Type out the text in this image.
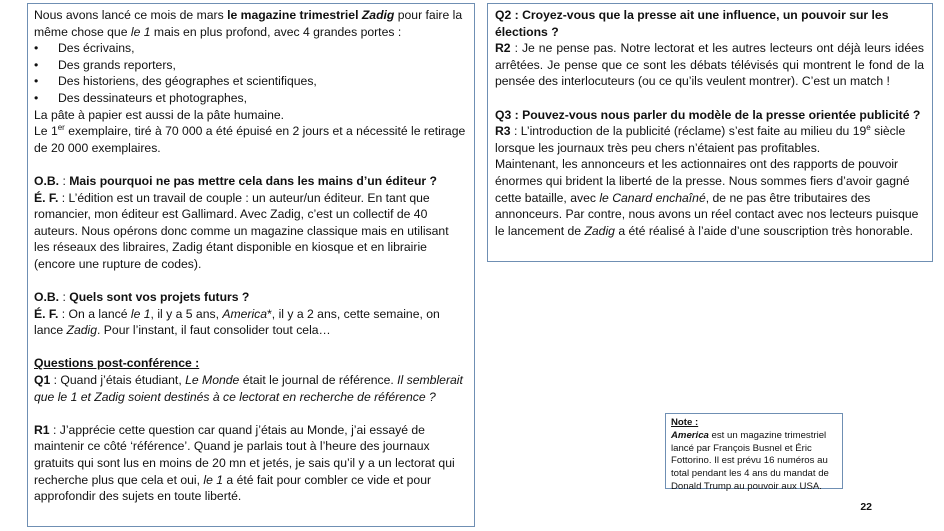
Nous avons lancé ce mois de mars le magazine trimestriel Zadig pour faire la même chose que le 1 mais en plus profond, avec 4 grandes portes :

• Des écrivains,
• Des grands reporters,
• Des historiens, des géographes et scientifiques,
• Des dessinateurs et photographes,

La pâte à papier est aussi de la pâte humaine.

Le 1er exemplaire, tiré à 70 000 a été épuisé en 2 jours et a nécessité le retirage de 20 000 exemplaires.

O.B. : Mais pourquoi ne pas mettre cela dans les mains d’un éditeur ?

É. F. : L’édition est un travail de couple : un auteur/un éditeur. En tant que romancier, mon éditeur est Gallimard. Avec Zadig, c’est un collectif de 40 auteurs. Nous opérons donc comme un magazine classique mais en utilisant les réseaux des libraires, Zadig étant disponible en kiosque et en librairie (encore une rupture de codes).

O.B. : Quels sont vos projets futurs ?

É. F. : On a lancé le 1, il y a 5 ans, America*, il y a 2 ans, cette semaine, on lance Zadig. Pour l’instant, il faut consolider tout cela…

Questions post-conférence :

Q1 : Quand j’étais étudiant, Le Monde était le journal de référence. Il semblerait que le 1 et Zadig soient destinés à ce lectorat en recherche de référence ?

R1 : J’apprécie cette question car quand j’étais au Monde, j’ai essayé de maintenir ce côté ‘référence’. Quand je parlais tout à l’heure des journaux gratuits qui sont lus en moins de 20 mn et jetés, je sais qu’il y a un lectorat qui recherche plus que cela et oui, le 1 a été fait pour combler ce vide et pour approfondir des sujets en toute liberté.

Q2 : Croyez-vous que la presse ait une influence, un pouvoir sur les élections ?

R2 : Je ne pense pas. Notre lectorat et les autres lecteurs ont déjà leurs idées arrêtées. Je pense que ce sont les débats télévisés qui montrent le fond de la pensée des interlocuteurs (ou ce qu’ils veulent montrer). C’est un match !

Q3 : Pouvez-vous nous parler du modèle de la presse orientée publicité ?

R3 : L’introduction de la publicité (réclame) s’est faite au milieu du 19e siècle lorsque les journaux très peu chers n’étaient pas profitables.

Maintenant, les annonceurs et les actionnaires ont des rapports de pouvoir énormes qui brident la liberté de la presse. Nous sommes fiers d’avoir gagné cette bataille, avec le Canard enchaîné, de ne pas être tributaires des annonceurs. Par contre, nous avons un réel contact avec nos lecteurs puisque le lancement de Zadig a été réalisé à l’aide d’une souscription très honorable.

Note :

America est un magazine trimestriel lancé par François Busnel et Éric Fottorino. Il est prévu 16 numéros au total pendant les 4 ans du mandat de Donald Trump au pouvoir aux USA.

22
